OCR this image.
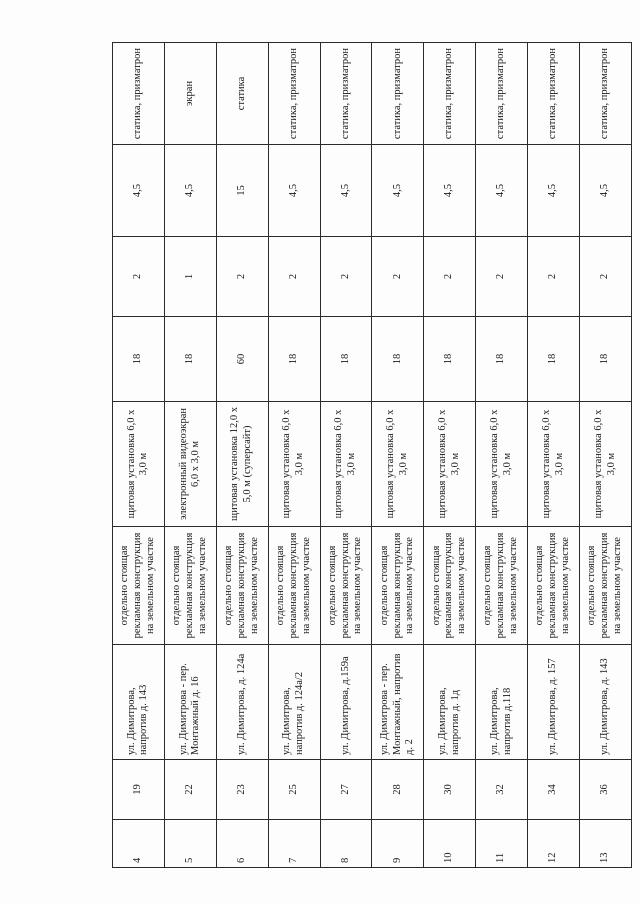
4	19	ул. Димитрова, напротив д. 143	отдельно стоящая рекламная конструкция на земельном участке	щитовая установка 6,0 х 3,0 м	18	2	4,5	статика, призматрон
5	22	ул. Димитрова - пер. Монтажный д. 16	отдельно стоящая рекламная конструкция на земельном участке	электронный видеоэкран 6,0 х 3,0 м	18	1	4,5	экран
6	23	ул. Димитрова, д. 124а	отдельно стоящая рекламная конструкция на земельном участке	щитовая установка 12,0 х 5,0 м (суперсайт)	60	2	15	статика
7	25	ул. Димитрова, напротив д. 124а/2	отдельно стоящая рекламная конструкция на земельном участке	щитовая установка 6,0 х 3,0 м	18	2	4,5	статика, призматрон
8	27	ул. Димитрова, д.159а	отдельно стоящая рекламная конструкция на земельном участке	щитовая установка 6,0 х 3,0 м	18	2	4,5	статика, призматрон
9	28	ул. Димитрова - пер. Монтажный, напротив д. 2	отдельно стоящая рекламная конструкция на земельном участке	щитовая установка 6,0 х 3,0 м	18	2	4,5	статика, призматрон
10	30	ул. Димитрова, напротив д. 1д	отдельно стоящая рекламная конструкция на земельном участке	щитовая установка 6,0 х 3,0 м	18	2	4,5	статика, призматрон
11	32	ул. Димитрова, напротив д.118	отдельно стоящая рекламная конструкция на земельном участке	щитовая установка 6,0 х 3,0 м	18	2	4,5	статика, призматрон
12	34	ул. Димитрова, д. 157	отдельно стоящая рекламная конструкция на земельном участке	щитовая установка 6,0 х 3,0 м	18	2	4,5	статика, призматрон
13	36	ул. Димитрова, д. 143	отдельно стоящая рекламная конструкция на земельном участке	щитовая установка 6,0 х 3,0 м	18	2	4,5	статика, призматрон
